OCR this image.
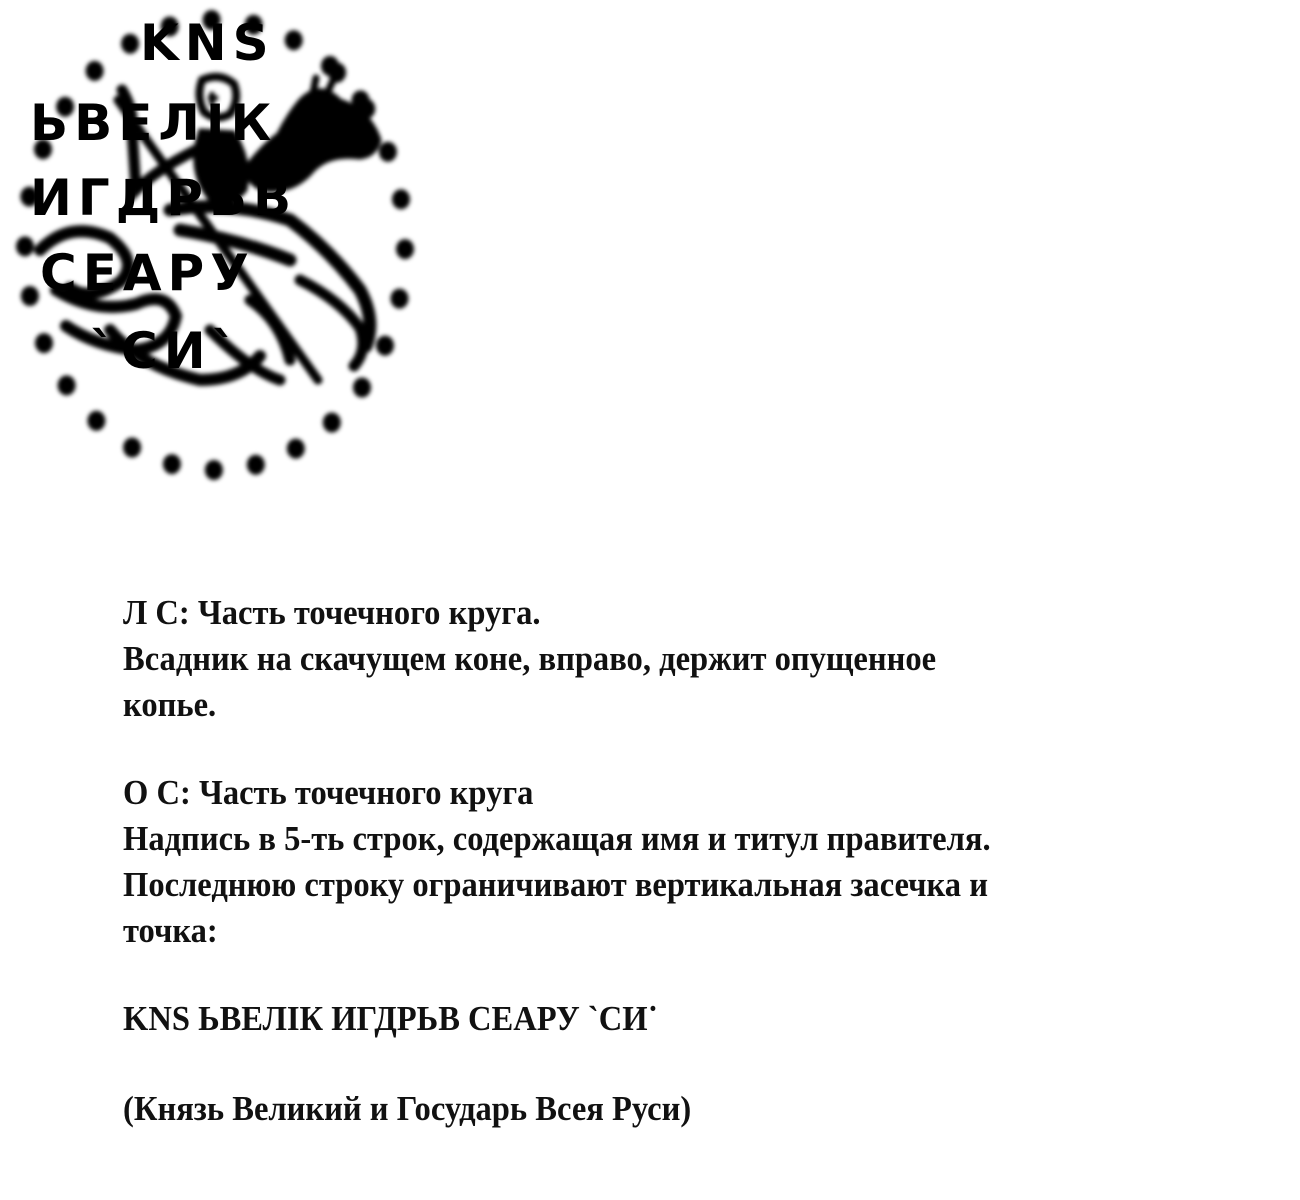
KNS
ЬВЕЛІК
ИГДРЬВ
СЕАРУ
`СИ`
Л С: Часть точечного круга.
Всадник на скачущем коне, вправо, держит опущенное
копье.
О С: Часть точечного круга
Надпись в 5-ть строк, содержащая имя и титул правителя.
Последнюю строку ограничивают вертикальная засечка и
точка:
KNS ЬВЕЛІК ИГДРЬВ СЕАРУ `СИ˙
(Князь Великий и Государь Всея Руси)
